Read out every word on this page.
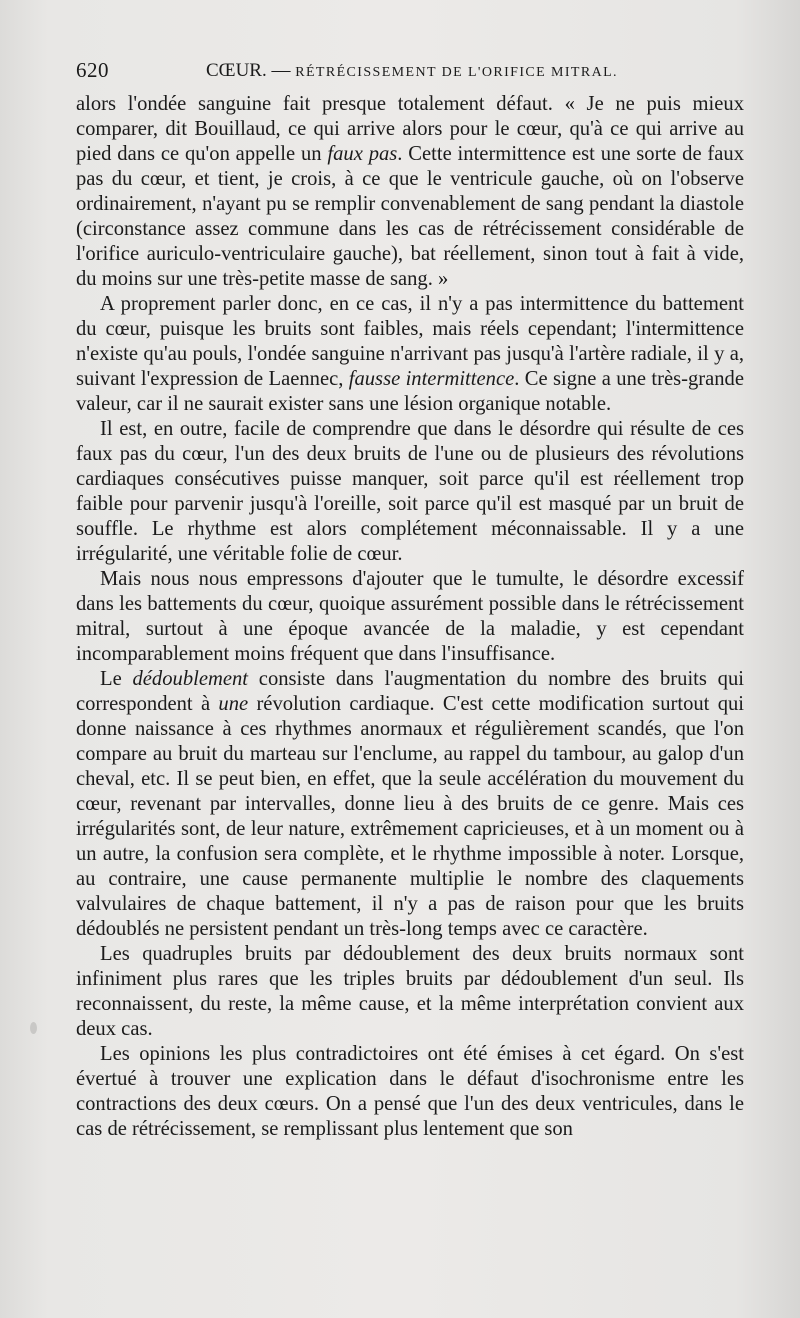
620	CŒUR. — RÉTRÉCISSEMENT DE L'ORIFICE MITRAL.

alors l'ondée sanguine fait presque totalement défaut. « Je ne puis mieux comparer, dit Bouillaud, ce qui arrive alors pour le cœur, qu'à ce qui arrive au pied dans ce qu'on appelle un faux pas. Cette intermittence est une sorte de faux pas du cœur, et tient, je crois, à ce que le ventricule gauche, où on l'observe ordinairement, n'ayant pu se remplir convenablement de sang pendant la diastole (circonstance assez commune dans les cas de rétrécissement considérable de l'orifice auriculo-ventriculaire gauche), bat réellement, sinon tout à fait à vide, du moins sur une très-petite masse de sang. »

A proprement parler donc, en ce cas, il n'y a pas intermittence du battement du cœur, puisque les bruits sont faibles, mais réels cependant; l'intermittence n'existe qu'au pouls, l'ondée sanguine n'arrivant pas jusqu'à l'artère radiale, il y a, suivant l'expression de Laennec, fausse intermittence. Ce signe a une très-grande valeur, car il ne saurait exister sans une lésion organique notable.

Il est, en outre, facile de comprendre que dans le désordre qui résulte de ces faux pas du cœur, l'un des deux bruits de l'une ou de plusieurs des révolutions cardiaques consécutives puisse manquer, soit parce qu'il est réellement trop faible pour parvenir jusqu'à l'oreille, soit parce qu'il est masqué par un bruit de souffle. Le rhythme est alors complétement méconnaissable. Il y a une irrégularité, une véritable folie de cœur.

Mais nous nous empressons d'ajouter que le tumulte, le désordre excessif dans les battements du cœur, quoique assurément possible dans le rétrécissement mitral, surtout à une époque avancée de la maladie, y est cependant incomparablement moins fréquent que dans l'insuffisance.

Le dédoublement consiste dans l'augmentation du nombre des bruits qui correspondent à une révolution cardiaque. C'est cette modification surtout qui donne naissance à ces rhythmes anormaux et régulièrement scandés, que l'on compare au bruit du marteau sur l'enclume, au rappel du tambour, au galop d'un cheval, etc. Il se peut bien, en effet, que la seule accélération du mouvement du cœur, revenant par intervalles, donne lieu à des bruits de ce genre. Mais ces irrégularités sont, de leur nature, extrêmement capricieuses, et à un moment ou à un autre, la confusion sera complète, et le rhythme impossible à noter. Lorsque, au contraire, une cause permanente multiplie le nombre des claquements valvulaires de chaque battement, il n'y a pas de raison pour que les bruits dédoublés ne persistent pendant un très-long temps avec ce caractère.

Les quadruples bruits par dédoublement des deux bruits normaux sont infiniment plus rares que les triples bruits par dédoublement d'un seul. Ils reconnaissent, du reste, la même cause, et la même interprétation convient aux deux cas.

Les opinions les plus contradictoires ont été émises à cet égard. On s'est évertué à trouver une explication dans le défaut d'isochronisme entre les contractions des deux cœurs. On a pensé que l'un des deux ventricules, dans le cas de rétrécissement, se remplissant plus lentement que son
